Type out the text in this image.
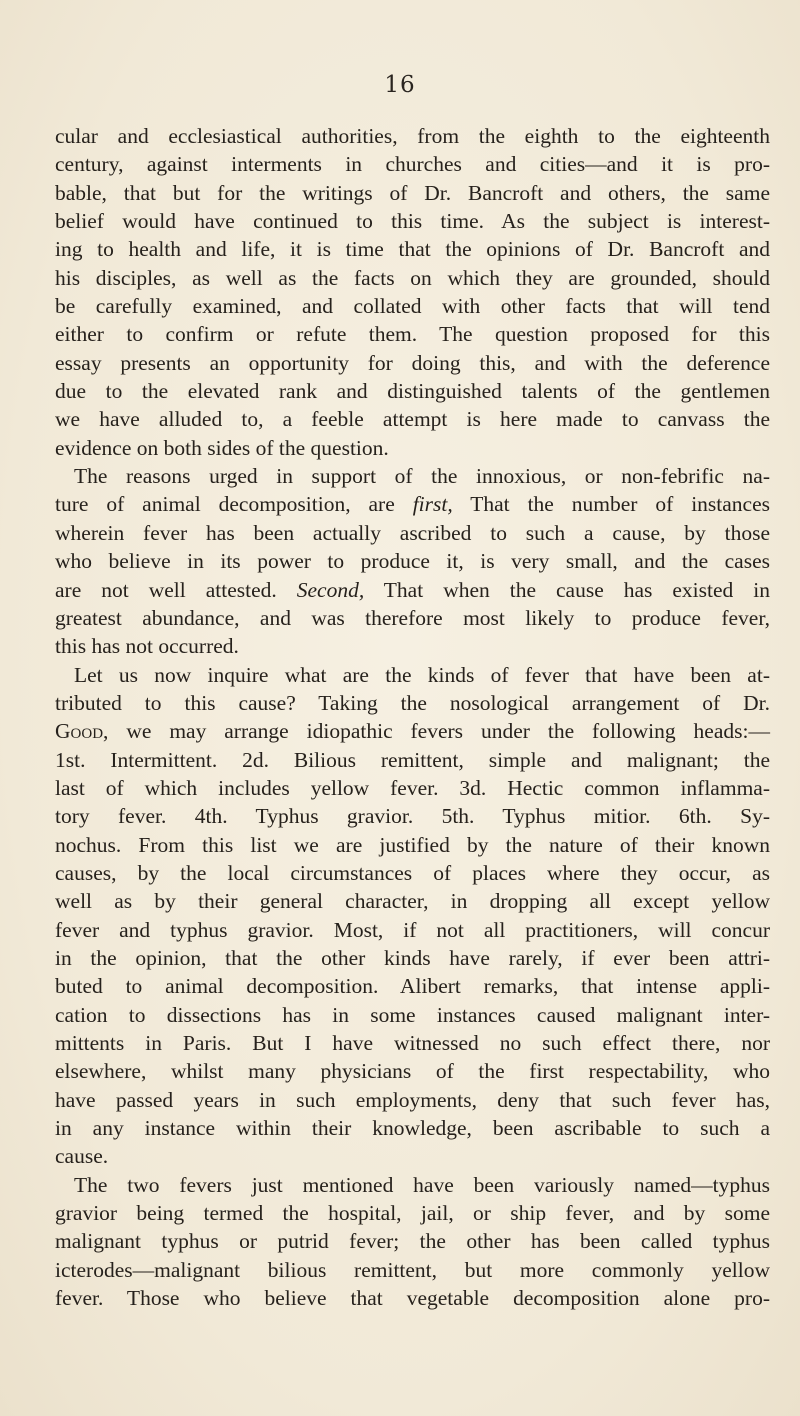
16
cular and ecclesiastical authorities, from the eighth to the eighteenth
century, against interments in churches and cities—and it is pro-
bable, that but for the writings of Dr. Bancroft and others, the same
belief would have continued to this time. As the subject is interest-
ing to health and life, it is time that the opinions of Dr. Bancroft and
his disciples, as well as the facts on which they are grounded, should
be carefully examined, and collated with other facts that will tend
either to confirm or refute them. The question proposed for this
essay presents an opportunity for doing this, and with the deference
due to the elevated rank and distinguished talents of the gentlemen
we have alluded to, a feeble attempt is here made to canvass the
evidence on both sides of the question.
The reasons urged in support of the innoxious, or non-febrific na-
ture of animal decomposition, are first, That the number of instances
wherein fever has been actually ascribed to such a cause, by those
who believe in its power to produce it, is very small, and the cases
are not well attested. Second, That when the cause has existed in
greatest abundance, and was therefore most likely to produce fever,
this has not occurred.
Let us now inquire what are the kinds of fever that have been at-
tributed to this cause? Taking the nosological arrangement of Dr.
Good, we may arrange idiopathic fevers under the following heads:—
1st. Intermittent. 2d. Bilious remittent, simple and malignant; the
last of which includes yellow fever. 3d. Hectic common inflamma-
tory fever. 4th. Typhus gravior. 5th. Typhus mitior. 6th. Sy-
nochus. From this list we are justified by the nature of their known
causes, by the local circumstances of places where they occur, as
well as by their general character, in dropping all except yellow
fever and typhus gravior. Most, if not all practitioners, will concur
in the opinion, that the other kinds have rarely, if ever been attri-
buted to animal decomposition. Alibert remarks, that intense appli-
cation to dissections has in some instances caused malignant inter-
mittents in Paris. But I have witnessed no such effect there, nor
elsewhere, whilst many physicians of the first respectability, who
have passed years in such employments, deny that such fever has,
in any instance within their knowledge, been ascribable to such a
cause.
The two fevers just mentioned have been variously named—typhus
gravior being termed the hospital, jail, or ship fever, and by some
malignant typhus or putrid fever; the other has been called typhus
icterodes—malignant bilious remittent, but more commonly yellow
fever. Those who believe that vegetable decomposition alone pro-
